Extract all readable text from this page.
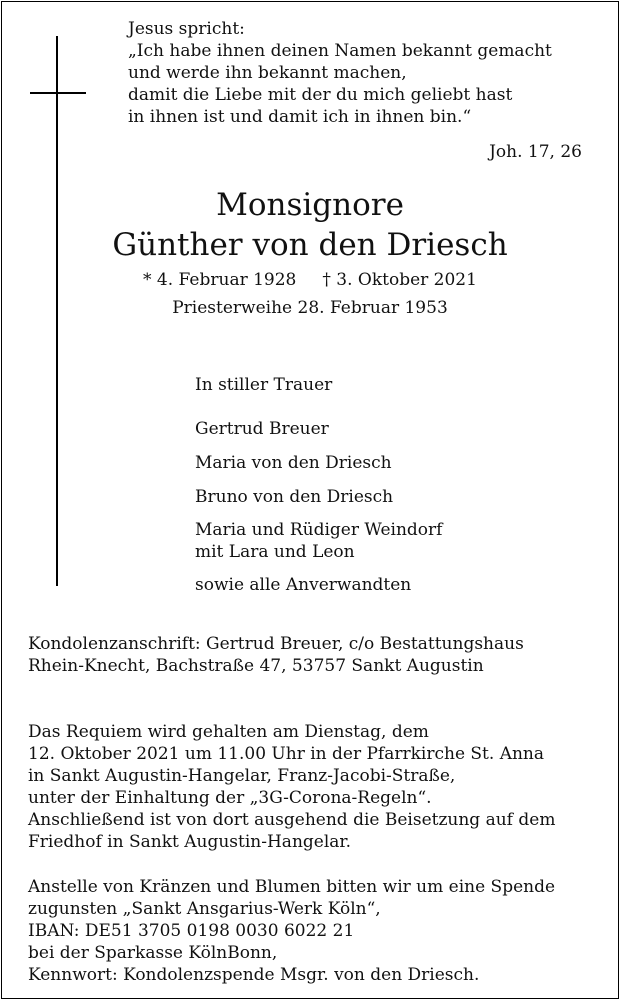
Jesus spricht:
„Ich habe ihnen deinen Namen bekannt gemacht
und werde ihn bekannt machen,
damit die Liebe mit der du mich geliebt hast
in ihnen ist und damit ich in ihnen bin.“
Joh. 17, 26
Monsignore
Günther von den Driesch
* 4. Februar 1928 † 3. Oktober 2021
Priesterweihe 28. Februar 1953
In stiller Trauer
Gertrud Breuer
Maria von den Driesch
Bruno von den Driesch
Maria und Rüdiger Weindorf
mit Lara und Leon
sowie alle Anverwandten
Kondolenzanschrift: Gertrud Breuer, c/o Bestattungshaus
Rhein-Knecht, Bachstraße 47, 53757 Sankt Augustin
Das Requiem wird gehalten am Dienstag, dem
12. Oktober 2021 um 11.00 Uhr in der Pfarrkirche St. Anna
in Sankt Augustin-Hangelar, Franz-Jacobi-Straße,
unter der Einhaltung der „3G-Corona-Regeln“.
Anschließend ist von dort ausgehend die Beisetzung auf dem
Friedhof in Sankt Augustin-Hangelar.
Anstelle von Kränzen und Blumen bitten wir um eine Spende
zugunsten „Sankt Ansgarius-Werk Köln“,
IBAN: DE51 3705 0198 0030 6022 21
bei der Sparkasse KölnBonn,
Kennwort: Kondolenzspende Msgr. von den Driesch.
